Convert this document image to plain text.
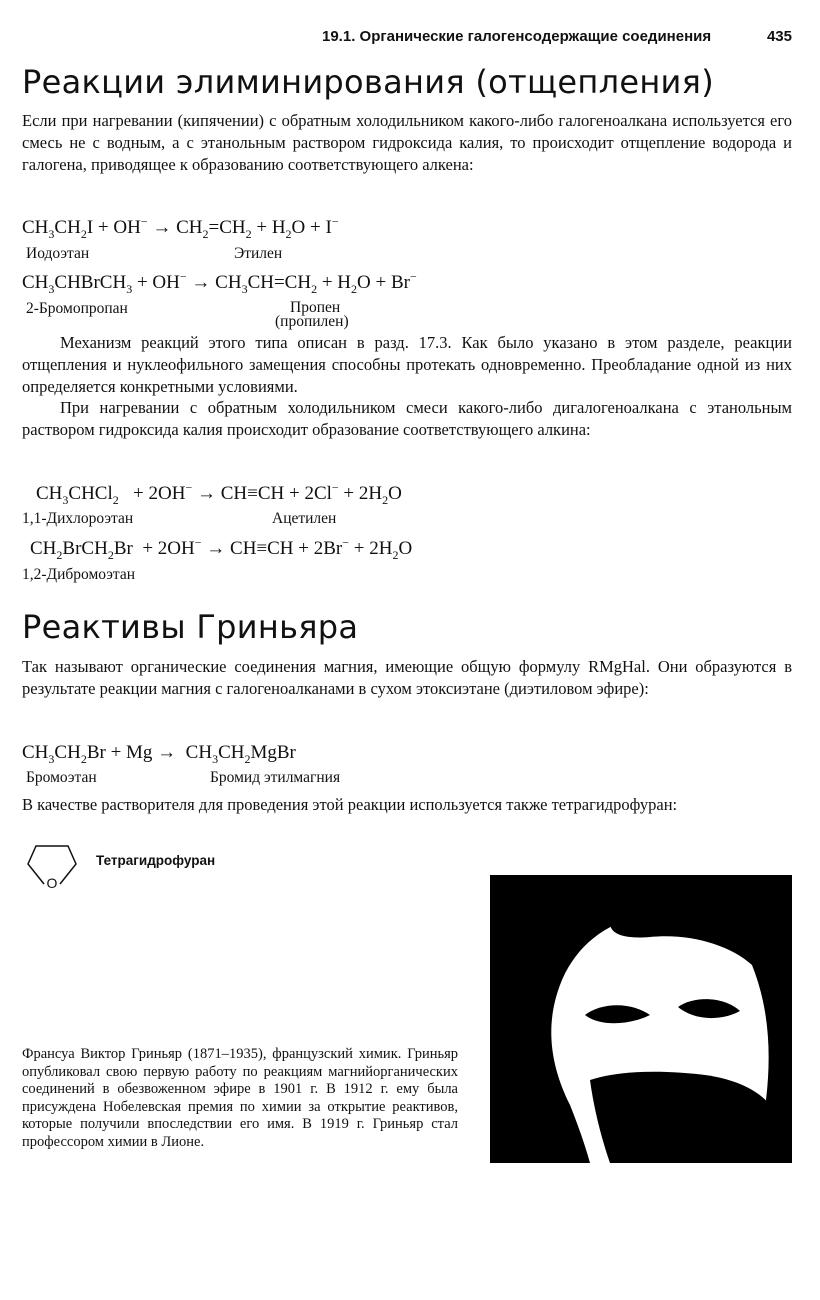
19.1. Органические галогенсодержащие соединения	435
Реакции элиминирования (отщепления)

Если при нагревании (кипячении) с обратным холодильником какого-либо галогеноалкана используется его смесь не с водным, а с этанольным раствором гидроксида калия, то происходит отщепление водорода и галогена, приводящее к образованию соответствующего алкена:

$CH_3CH_2I + OH^- \to CH_2=CH_2 + H_2O + I^-$
Иодоэтан	Этилен
$CH_3CHBrCH_3 + OH^- \to CH_3CH=CH_2 + H_2O + Br^-$
2-Бромопропан	Пропен
(пропилен)

Механизм реакций этого типа описан в разд. 17.3. Как было указано в этом разделе, реакции отщепления и нуклеофильного замещения способны протекать одновременно. Преобладание одной из них определяется конкретными условиями.

При нагревании с обратным холодильником смеси какого-либо дигалогеноалкана с этанольным раствором гидроксида калия происходит образование соответствующего алкина:

$CH_3CHCl_2 + 2OH^- \to CH\equiv CH + 2Cl^- + 2H_2O$
1,1-Дихлороэтан	Ацетилен
$CH_2BrCH_2Br + 2OH^- \to CH\equiv CH + 2Br^- + 2H_2O$
1,2-Дибромоэтан
Реактивы Гриньяра

Так называют органические соединения магния, имеющие общую формулу RMgHal. Они образуются в результате реакции магния с галогеноалканами в сухом этоксиэтане (диэтиловом эфире):

$CH_3CH_2Br + Mg$ →  $CH_3CH_2MgBr$
Бромоэтан	Бромид этилмагния

В качестве растворителя для проведения этой реакции используется также тетрагидрофуран:

O
Тетрагидрофуран

Франсуа Виктор Гриньяр (1871–1935), французский химик. Гриньяр опубликовал свою первую работу по реакциям магнийорганических соединений в обезвоженном эфире в 1901 г. В 1912 г. ему была присуждена Нобелевская премия по химии за открытие реактивов, которые получили впоследствии его имя. В 1919 г. Гриньяр стал профессором химии в Лионе.
